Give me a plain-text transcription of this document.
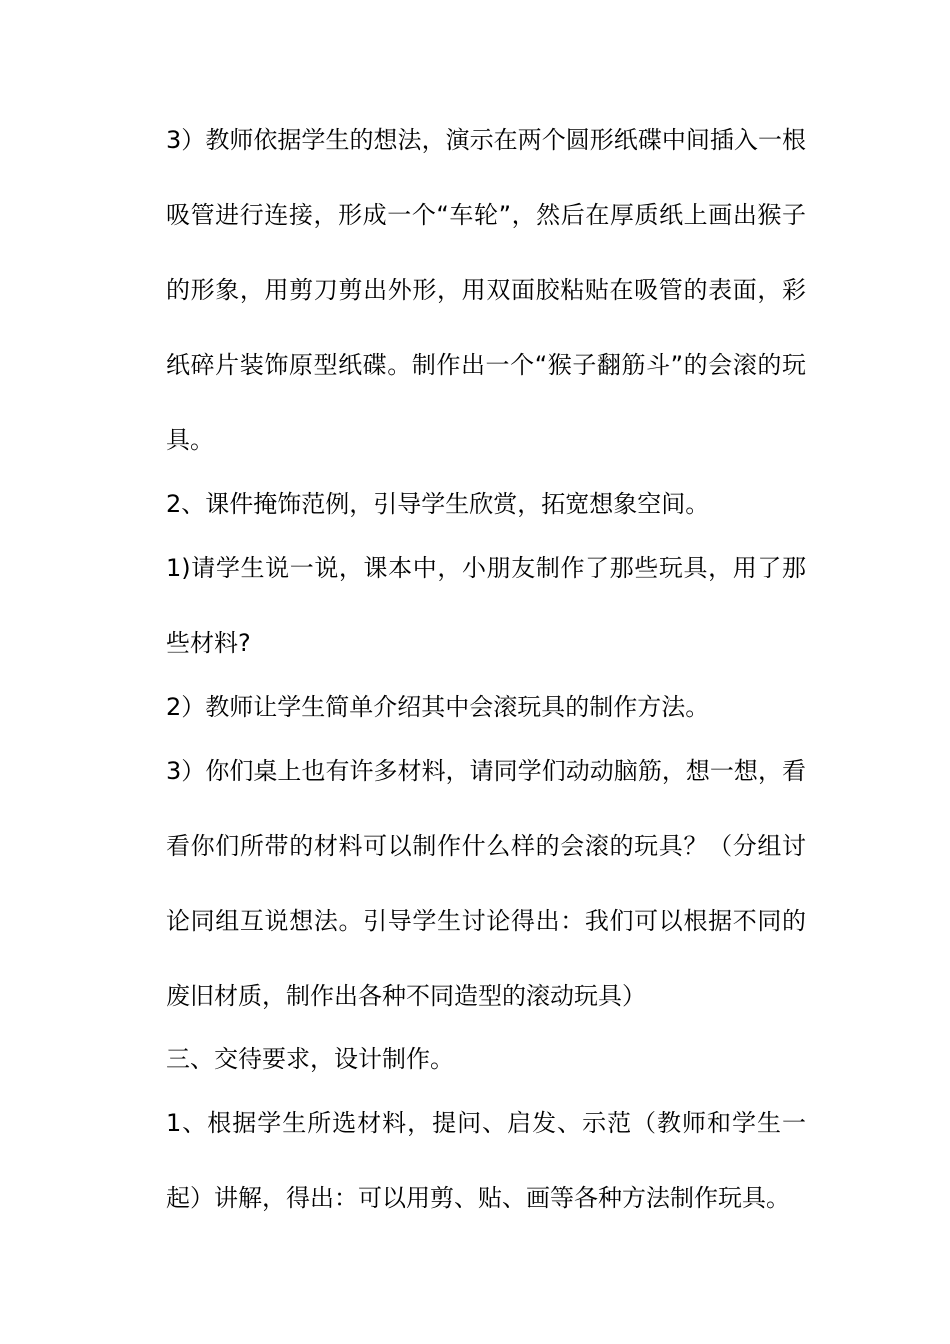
3）教师依据学生的想法，演示在两个圆形纸碟中间插入一根

吸管进行连接，形成一个“车轮”，然后在厚质纸上画出猴子

的形象，用剪刀剪出外形，用双面胶粘贴在吸管的表面，彩

纸碎片装饰原型纸碟。制作出一个“猴子翻筋斗”的会滚的玩

具。

2、课件掩饰范例，引导学生欣赏，拓宽想象空间。

1)请学生说一说，课本中，小朋友制作了那些玩具，用了那

些材料?

2）教师让学生简单介绍其中会滚玩具的制作方法。

3）你们桌上也有许多材料，请同学们动动脑筋，想一想，看

看你们所带的材料可以制作什么样的会滚的玩具？（分组讨

论同组互说想法。引导学生讨论得出：我们可以根据不同的

废旧材质，制作出各种不同造型的滚动玩具）

三、交待要求，设计制作。

1、根据学生所选材料，提问、启发、示范（教师和学生一

起）讲解，得出：可以用剪、贴、画等各种方法制作玩具。
